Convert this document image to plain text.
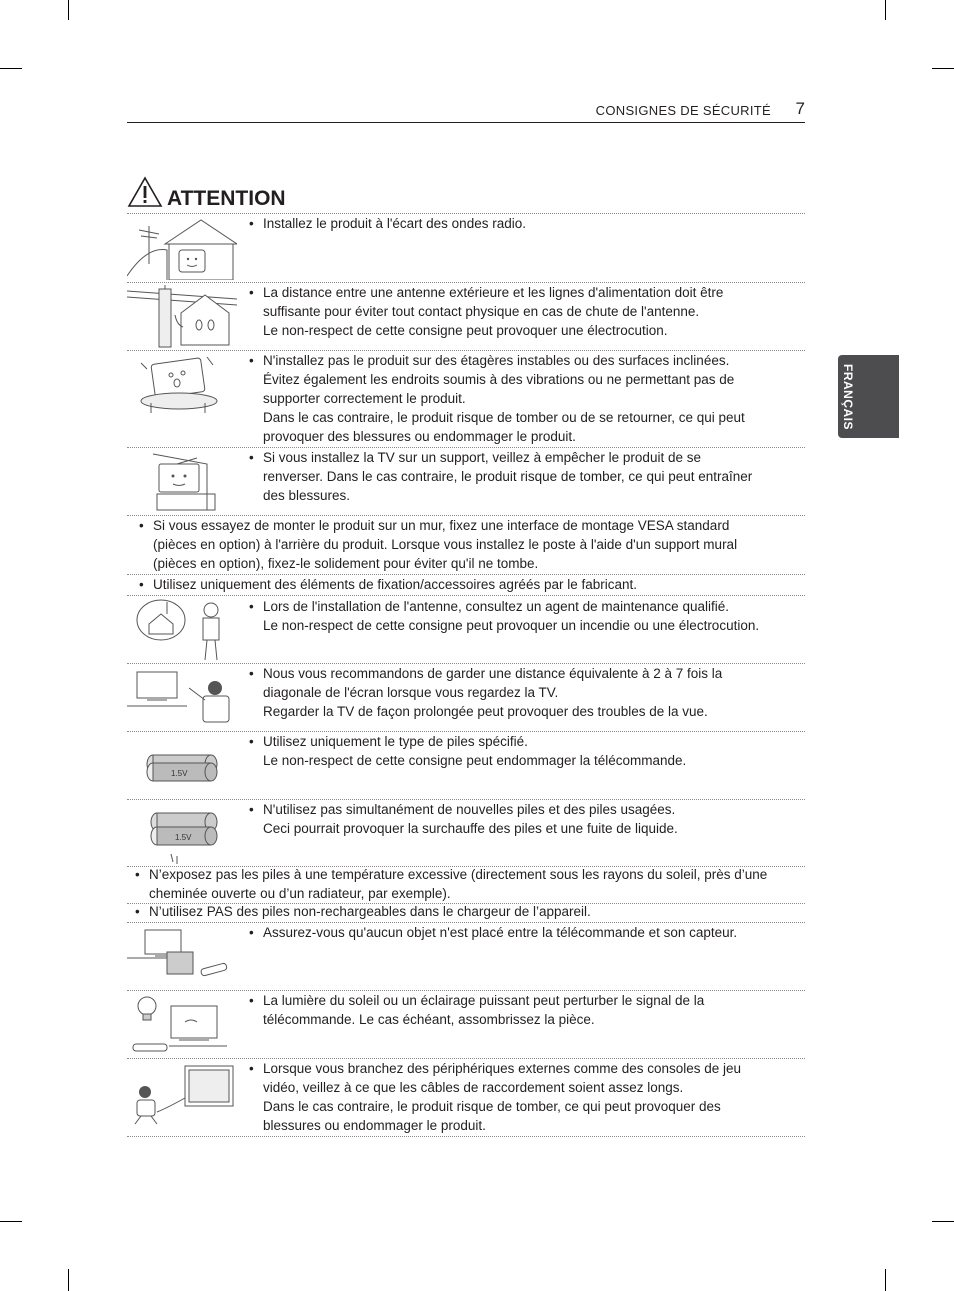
CONSIGNES DE SÉCURITÉ 7
FRANÇAIS
ATTENTION
1.5V
1.5V
• Installez le produit à l'écart des ondes radio.

• La distance entre une antenne extérieure et les lignes d'alimentation doit être

suffisante pour éviter tout contact physique en cas de chute de l'antenne.

Le non-respect de cette consigne peut provoquer une électrocution.

• N'installez pas le produit sur des étagères instables ou des surfaces inclinées.

Évitez également les endroits soumis à des vibrations ou ne permettant pas de

supporter correctement le produit.

Dans le cas contraire, le produit risque de tomber ou de se retourner, ce qui peut

provoquer des blessures ou endommager le produit.

• Si vous installez la TV sur un support, veillez à empêcher le produit de se

renverser. Dans le cas contraire, le produit risque de tomber, ce qui peut entraîner

des blessures.

• Si vous essayez de monter le produit sur un mur, fixez une interface de montage VESA standard

(pièces en option) à l'arrière du produit. Lorsque vous installez le poste à l'aide d'un support mural

(pièces en option), fixez-le solidement pour éviter qu'il ne tombe.

• Utilisez uniquement des éléments de fixation/accessoires agréés par le fabricant.

• Lors de l'installation de l'antenne, consultez un agent de maintenance qualifié.

Le non-respect de cette consigne peut provoquer un incendie ou une électrocution.

• Nous vous recommandons de garder une distance équivalente à 2 à 7 fois la

diagonale de l'écran lorsque vous regardez la TV.

Regarder la TV de façon prolongée peut provoquer des troubles de la vue.

• Utilisez uniquement le type de piles spécifié.

Le non-respect de cette consigne peut endommager la télécommande.

• N'utilisez pas simultanément de nouvelles piles et des piles usagées.

Ceci pourrait provoquer la surchauffe des piles et une fuite de liquide.

• N’exposez pas les piles à une température excessive (directement sous les rayons du soleil, près d’une

cheminée ouverte ou d’un radiateur, par exemple).

• N’utilisez PAS des piles non-rechargeables dans le chargeur de l’appareil.

• Assurez-vous qu'aucun objet n'est placé entre la télécommande et son capteur.

• La lumière du soleil ou un éclairage puissant peut perturber le signal de la

télécommande. Le cas échéant, assombrissez la pièce.

• Lorsque vous branchez des périphériques externes comme des consoles de jeu

vidéo, veillez à ce que les câbles de raccordement soient assez longs.

Dans le cas contraire, le produit risque de tomber, ce qui peut provoquer des

blessures ou endommager le produit.
